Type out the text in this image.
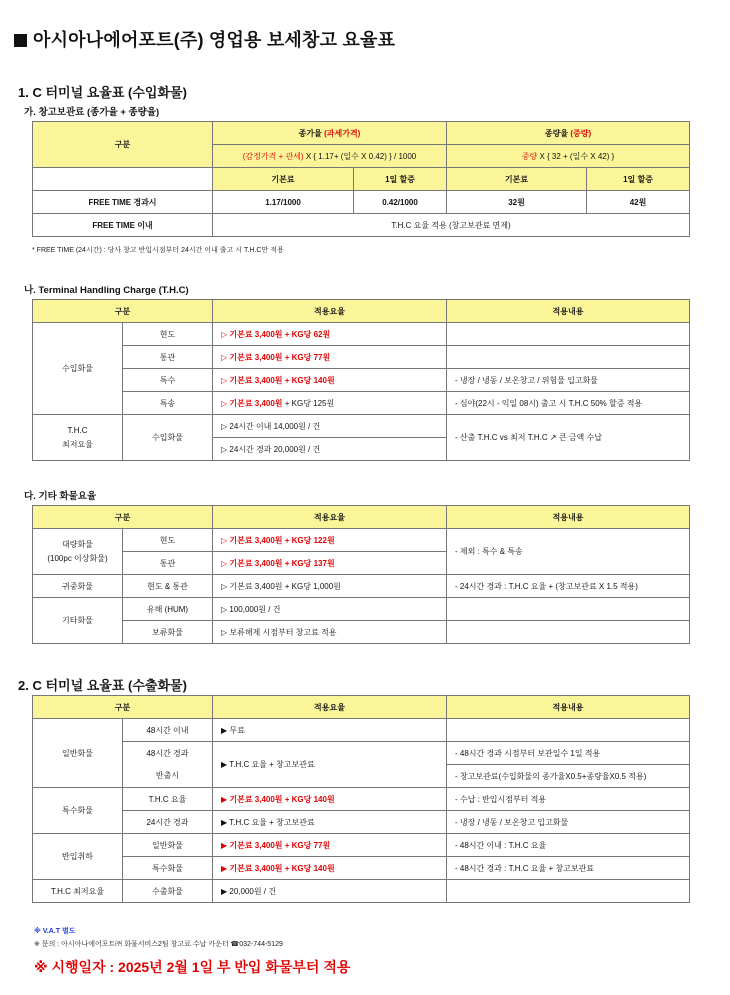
아시아나에어포트(주) 영업용 보세창고 요율표
1. C 터미널 요율표 (수입화물)
가. 창고보관료 (종가율 + 종량율)
구분	종가율 (과세가격)		종량율 (중량)	
	(감정가격 + 관세) X { 1.17+ (일수 X 0.42) } / 1000		중량 X { 32 + (일수 X 42) }	
	기본료	1일 할증	기본료	1일 할증
FREE TIME 경과시	1.17/1000	0.42/1000	32원	42원
FREE TIME 이내	T.H.C 요율 적용 (창고보관료 면제)			
* FREE TIME (24시간) : 당사 창고 반입시점부터 24시간 이내 출고 시 T.H.C만 적용
나. Terminal Handling Charge (T.H.C)
구분		적용요율	적용내용
수입화물	현도	▷ 기본료 3,400원 + KG당 62원	
	통관	▷ 기본료 3,400원 + KG당 77원	
	특수	▷ 기본료 3,400원 + KG당 140원	- 냉장 / 냉동 / 보온창고 / 위험물 입고화물
	특송	▷ 기본료 3,400원 + KG당 125원	- 심야(22시 - 익일 08시) 출고 시 T.H.C 50% 할증 적용
T.H.C
최저요율	수입화물	▷ 24시간 이내 14,000원 / 건	- 산출 T.H.C vs 최저 T.H.C ↗ 큰 금액 수납
		▷ 24시간 경과 20,000원 / 건	
다. 기타 화물요율
구분		적용요율	적용내용
대량화물
(100pc 이상화물)	현도	▷ 기본료 3,400원 + KG당 122원	- 제외 : 특수 & 특송
	통관	▷ 기본료 3,400원 + KG당 137원	
귀중화물	현도 & 통관	▷ 기본료 3,400원 + KG당 1,000원	- 24시간 경과 : T.H.C 요율 + (창고보관료 X 1.5 적용)
기타화물	유해 (HUM)	▷ 100,000원 / 건	
	보류화물	▷ 보류해제 시점부터 창고료 적용	
2. C 터미널 요율표 (수출화물)
구분		적용요율	적용내용
일반화물	48시간 이내	▶ 무료	
	48시간 경과	▶ T.H.C 요율 + 창고보관료	- 48시간 경과 시점부터 보관일수 1일 적용
	반출시		- 창고보관료(수입화물의 종가율X0.5+종량율X0.5 적용)
특수화물	T.H.C 요율	▶ 기본료 3,400원 + KG당 140원	- 수납 : 반입시점부터 적용
	24시간 경과	▶ T.H.C 요율 + 창고보관료	- 냉장 / 냉동 / 보온창고 입고화물
반입취하	일반화물	▶ 기본료 3,400원 + KG당 77원	- 48시간 이내 : T.H.C 요율
	특수화물	▶ 기본료 3,400원 + KG당 140원	- 48시간 경과 : T.H.C 요율 + 창고보관료
T.H.C 최저요율	수출화물	▶ 20,000원 / 건	
※ V.A.T 별도
※ 문의 : 아시아나에어포트㈜ 화물서비스2팀 창고료 수납 카운터 ☎032-744-5129
※ 시행일자 : 2025년 2월 1일 부 반입 화물부터 적용
